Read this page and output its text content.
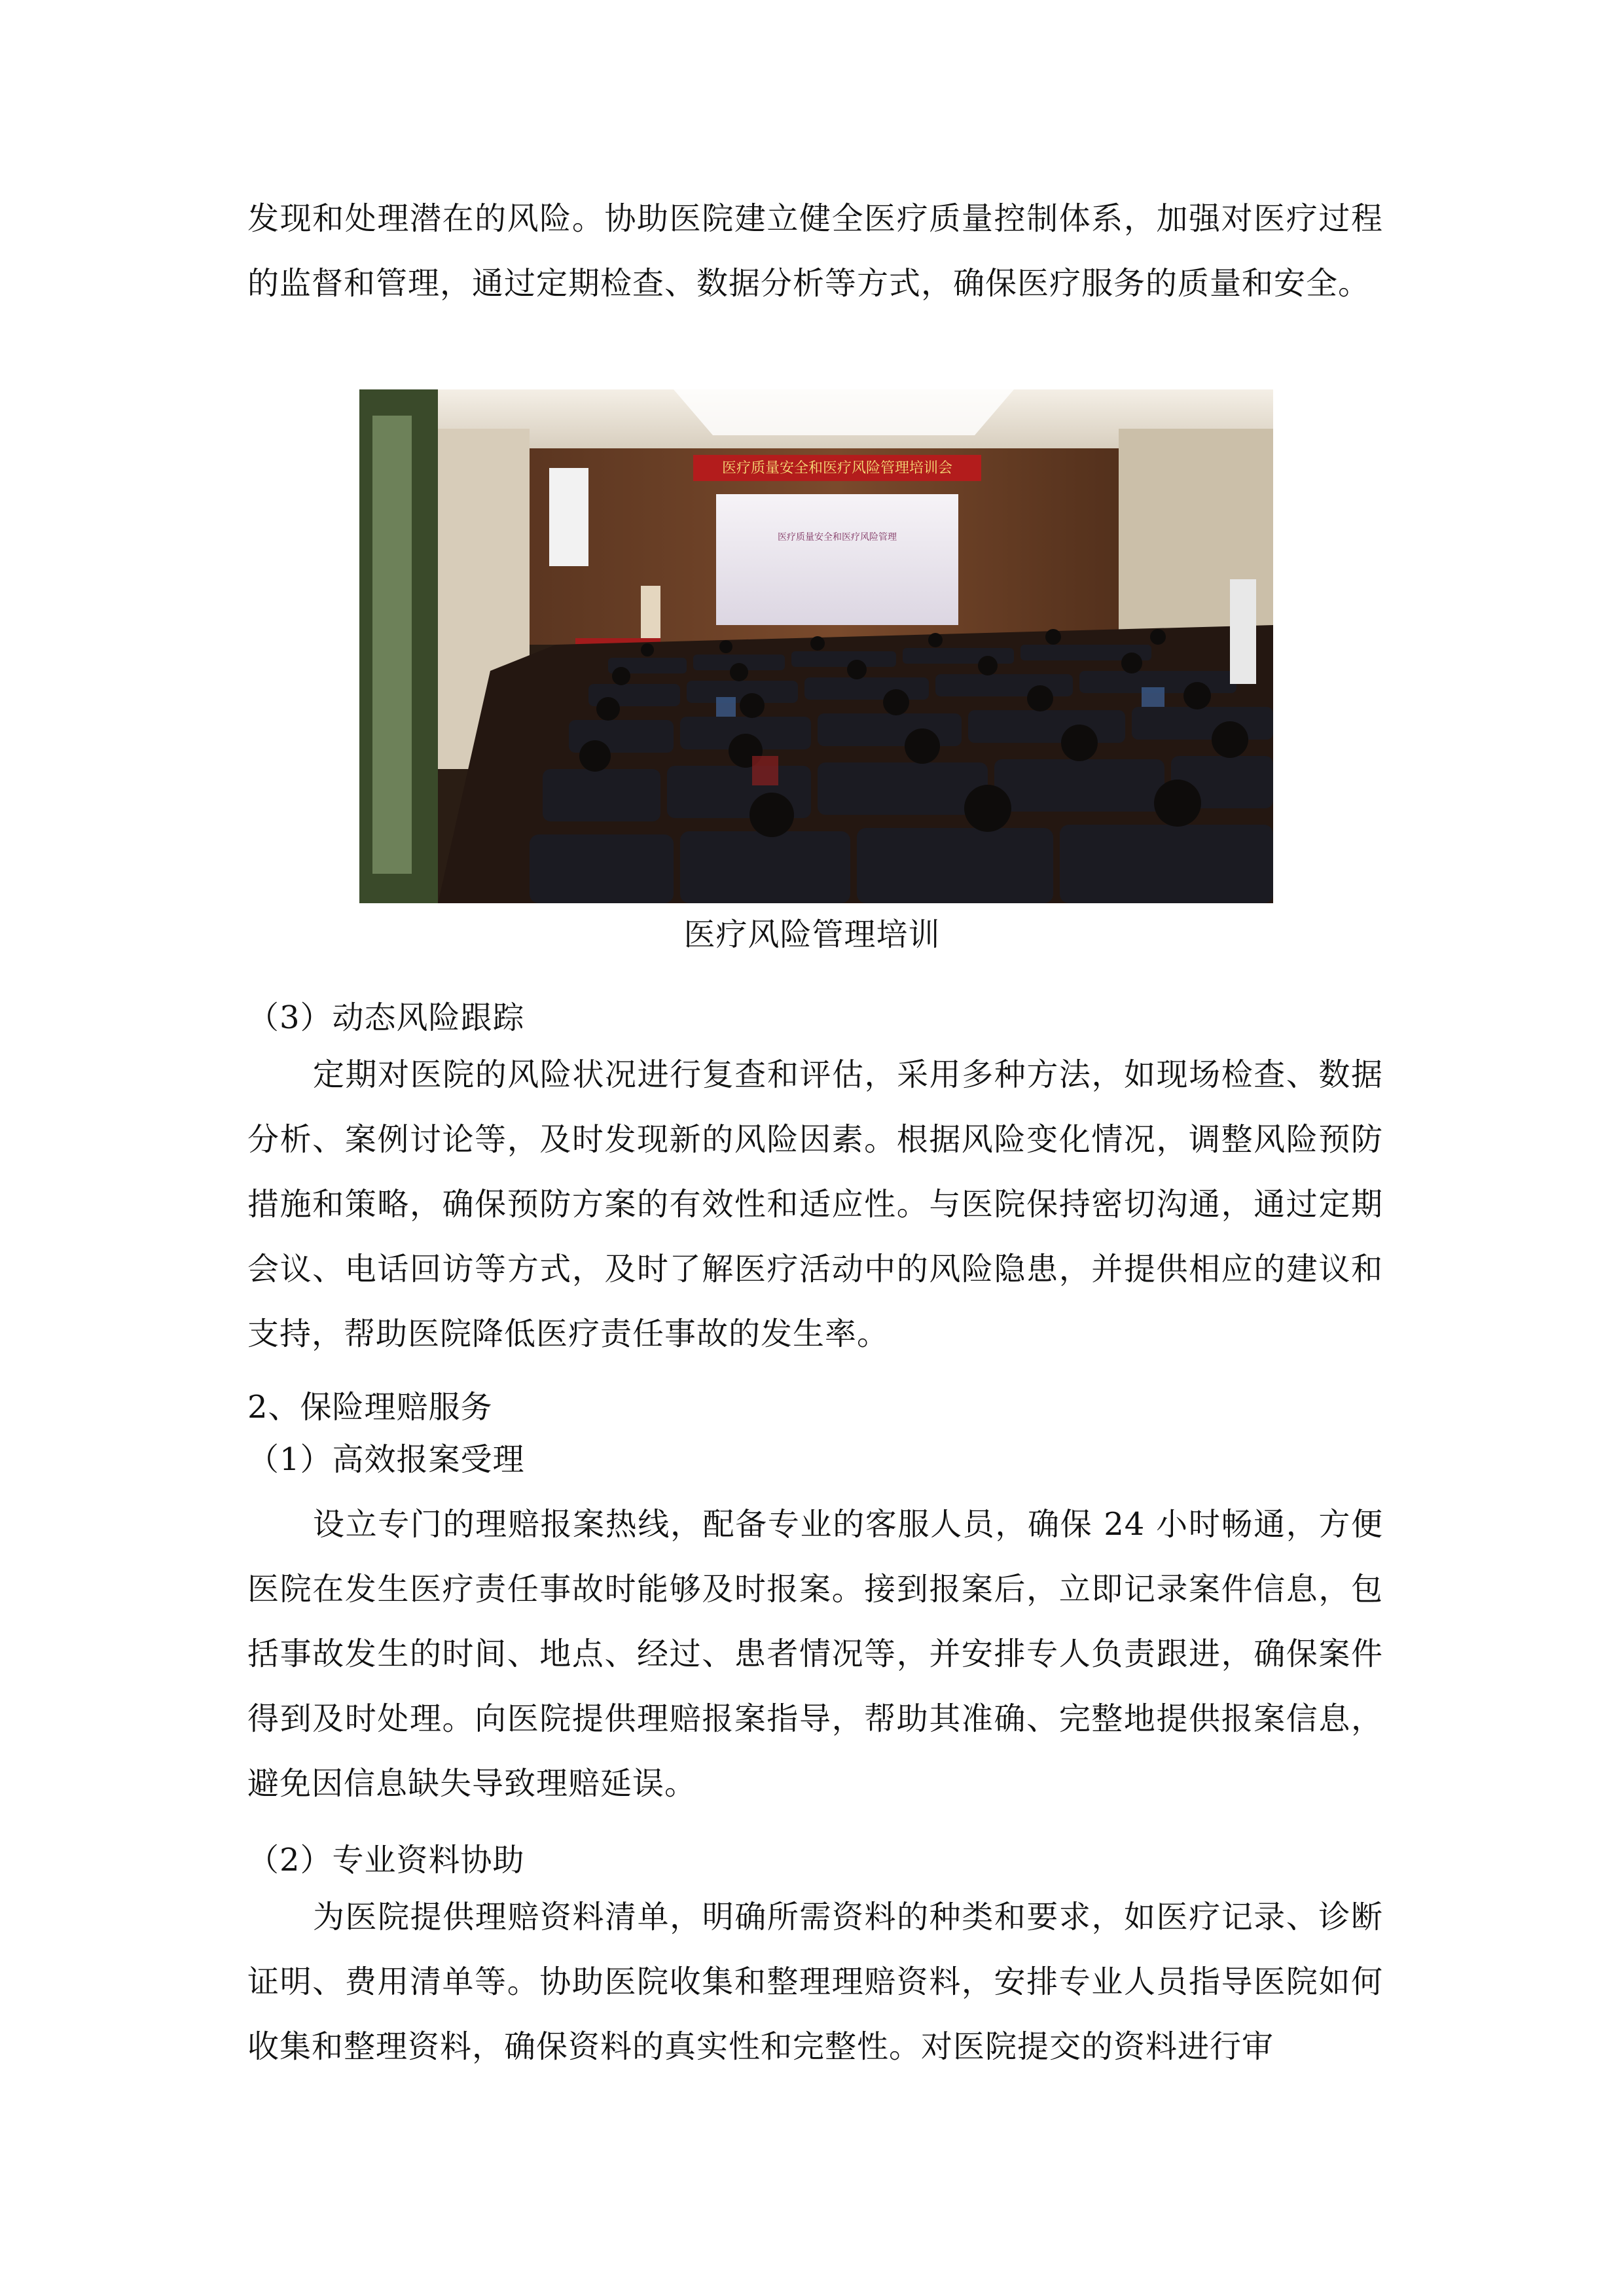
发现和处理潜在的风险。协助医院建立健全医疗质量控制体系，加强对医疗过程的监督和管理，通过定期检查、数据分析等方式，确保医疗服务的质量和安全。

医疗质量安全和医疗风险管理培训会
医疗质量安全和医疗风险管理

医疗风险管理培训

（3）动态风险跟踪

定期对医院的风险状况进行复查和评估，采用多种方法，如现场检查、数据分析、案例讨论等，及时发现新的风险因素。根据风险变化情况，调整风险预防措施和策略，确保预防方案的有效性和适应性。与医院保持密切沟通，通过定期会议、电话回访等方式，及时了解医疗活动中的风险隐患，并提供相应的建议和支持，帮助医院降低医疗责任事故的发生率。

2、保险理赔服务

（1）高效报案受理

设立专门的理赔报案热线，配备专业的客服人员，确保 24 小时畅通，方便医院在发生医疗责任事故时能够及时报案。接到报案后，立即记录案件信息，包括事故发生的时间、地点、经过、患者情况等，并安排专人负责跟进，确保案件得到及时处理。向医院提供理赔报案指导，帮助其准确、完整地提供报案信息，避免因信息缺失导致理赔延误。

（2）专业资料协助

为医院提供理赔资料清单，明确所需资料的种类和要求，如医疗记录、诊断证明、费用清单等。协助医院收集和整理理赔资料，安排专业人员指导医院如何收集和整理资料，确保资料的真实性和完整性。对医院提交的资料进行审
